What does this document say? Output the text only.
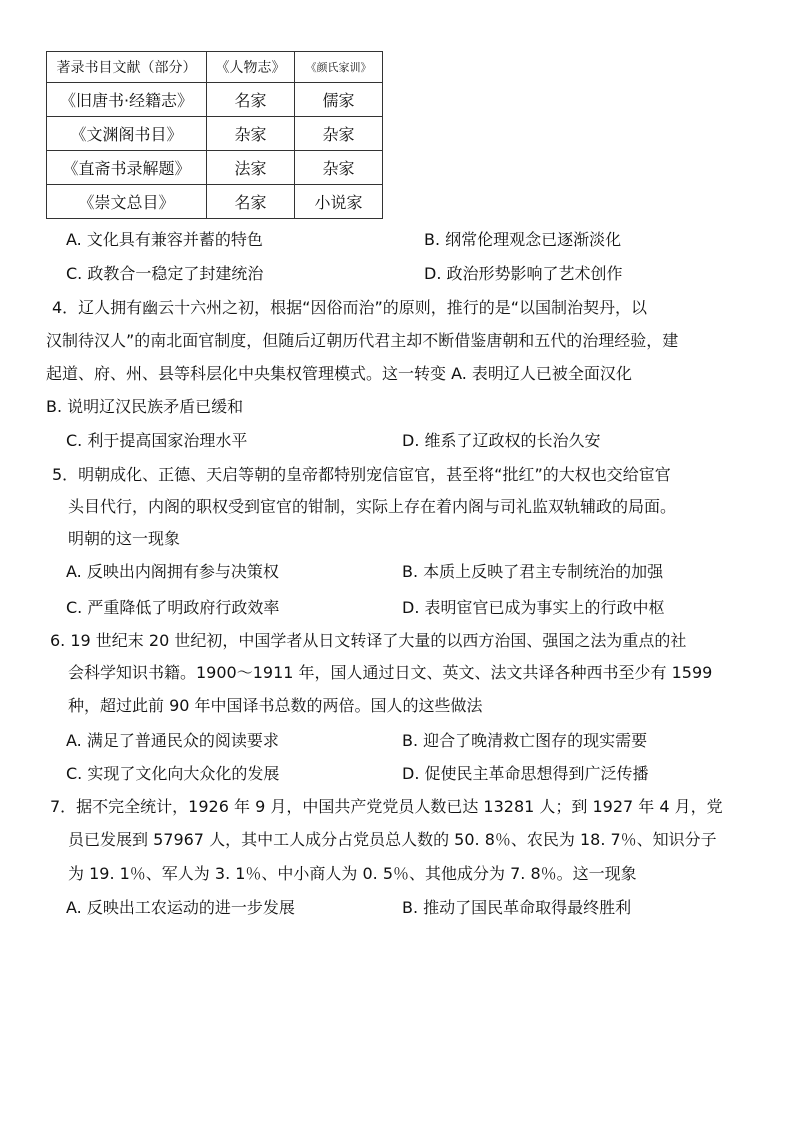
著录书目文献（部分）	《人物志》	《颜氏家训》
《旧唐书·经籍志》	名家	儒家
《文渊阁书目》	杂家	杂家
《直斋书录解题》	法家	杂家
《崇文总目》	名家	小说家
A. 文化具有兼容并蓄的特色	B. 纲常伦理观念已逐渐淡化
C. 政教合一稳定了封建统治	D. 政治形势影响了艺术创作
4．辽人拥有幽云十六州之初，根据“因俗而治”的原则，推行的是“以国制治契丹，以
汉制待汉人”的南北面官制度，但随后辽朝历代君主却不断借鉴唐朝和五代的治理经验，建
起道、府、州、县等科层化中央集权管理模式。这一转变 A. 表明辽人已被全面汉化
B. 说明辽汉民族矛盾已缓和
C. 利于提高国家治理水平	D. 维系了辽政权的长治久安
5．明朝成化、正德、天启等朝的皇帝都特别宠信宦官，甚至将“批红”的大权也交给宦官
头目代行，内阁的职权受到宦官的钳制，实际上存在着内阁与司礼监双轨辅政的局面。
明朝的这一现象
A. 反映出内阁拥有参与决策权	B. 本质上反映了君主专制统治的加强
C. 严重降低了明政府行政效率	D. 表明宦官已成为事实上的行政中枢
6. 19 世纪末 20 世纪初，中国学者从日文转译了大量的以西方治国、强国之法为重点的社
会科学知识书籍。1900～1911 年，国人通过日文、英文、法文共译各种西书至少有 1599
种，超过此前 90 年中国译书总数的两倍。国人的这些做法
A. 满足了普通民众的阅读要求	B. 迎合了晚清救亡图存的现实需要
C. 实现了文化向大众化的发展	D. 促使民主革命思想得到广泛传播
7．据不完全统计，1926 年 9 月，中国共产党党员人数已达 13281 人；到 1927 年 4 月，党
员已发展到 57967 人，其中工人成分占党员总人数的 50. 8％、农民为 18. 7％、知识分子
为 19. 1％、军人为 3. 1％、中小商人为 0. 5％、其他成分为 7. 8％。这一现象
A. 反映出工农运动的进一步发展	B. 推动了国民革命取得最终胜利
